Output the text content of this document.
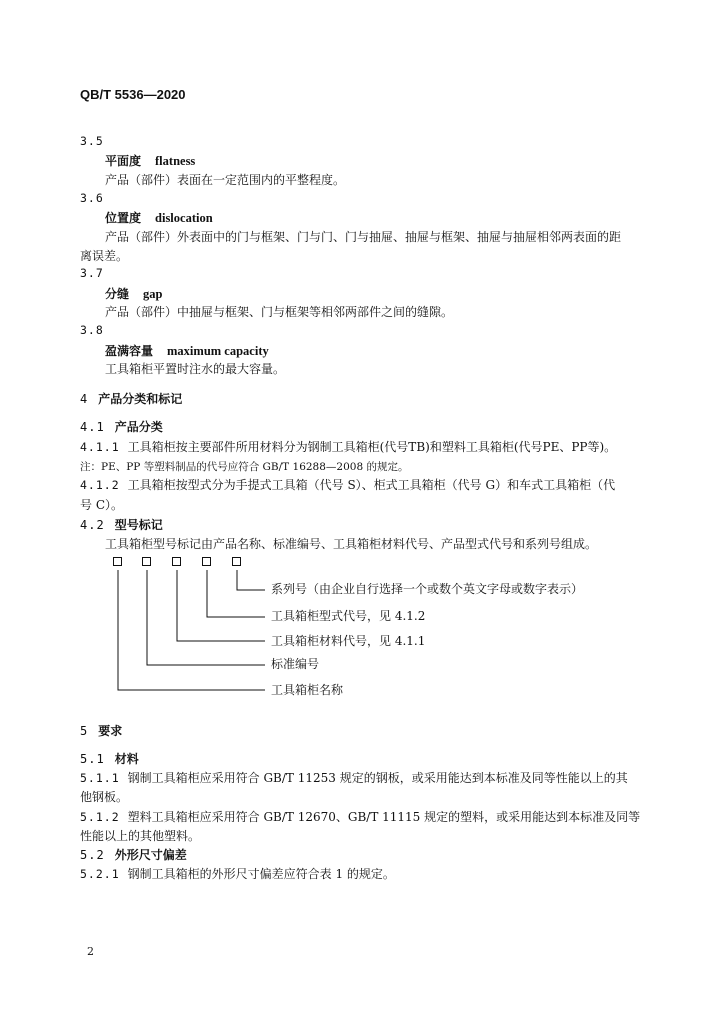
QB/T 5536—2020
3.5
平面度 flatness
产品（部件）表面在一定范围内的平整程度。
3.6
位置度 dislocation
产品（部件）外表面中的门与框架、门与门、门与抽屉、抽屉与框架、抽屉与抽屉相邻两表面的距
离误差。
3.7
分缝 gap
产品（部件）中抽屉与框架、门与框架等相邻两部件之间的缝隙。
3.8
盈满容量 maximum capacity
工具箱柜平置时注水的最大容量。
4 产品分类和标记
4.1 产品分类
4.1.1 工具箱柜按主要部件所用材料分为钢制工具箱柜(代号TB)和塑料工具箱柜(代号PE、PP等)。
注：PE、PP 等塑料制品的代号应符合 GB/T 16288—2008 的规定。
4.1.2 工具箱柜按型式分为手提式工具箱（代号 S）、柜式工具箱柜（代号 G）和车式工具箱柜（代
号 C）。
4.2 型号标记
工具箱柜型号标记由产品名称、标准编号、工具箱柜材料代号、产品型式代号和系列号组成。
系列号（由企业自行选择一个或数个英文字母或数字表示）
工具箱柜型式代号，见 4.1.2
工具箱柜材料代号，见 4.1.1
标准编号
工具箱柜名称
5 要求
5.1 材料
5.1.1 钢制工具箱柜应采用符合 GB/T 11253 规定的钢板，或采用能达到本标准及同等性能以上的其
他钢板。
5.1.2 塑料工具箱柜应采用符合 GB/T 12670、GB/T 11115 规定的塑料，或采用能达到本标准及同等
性能以上的其他塑料。
5.2 外形尺寸偏差
5.2.1 钢制工具箱柜的外形尺寸偏差应符合表 1 的规定。
2
